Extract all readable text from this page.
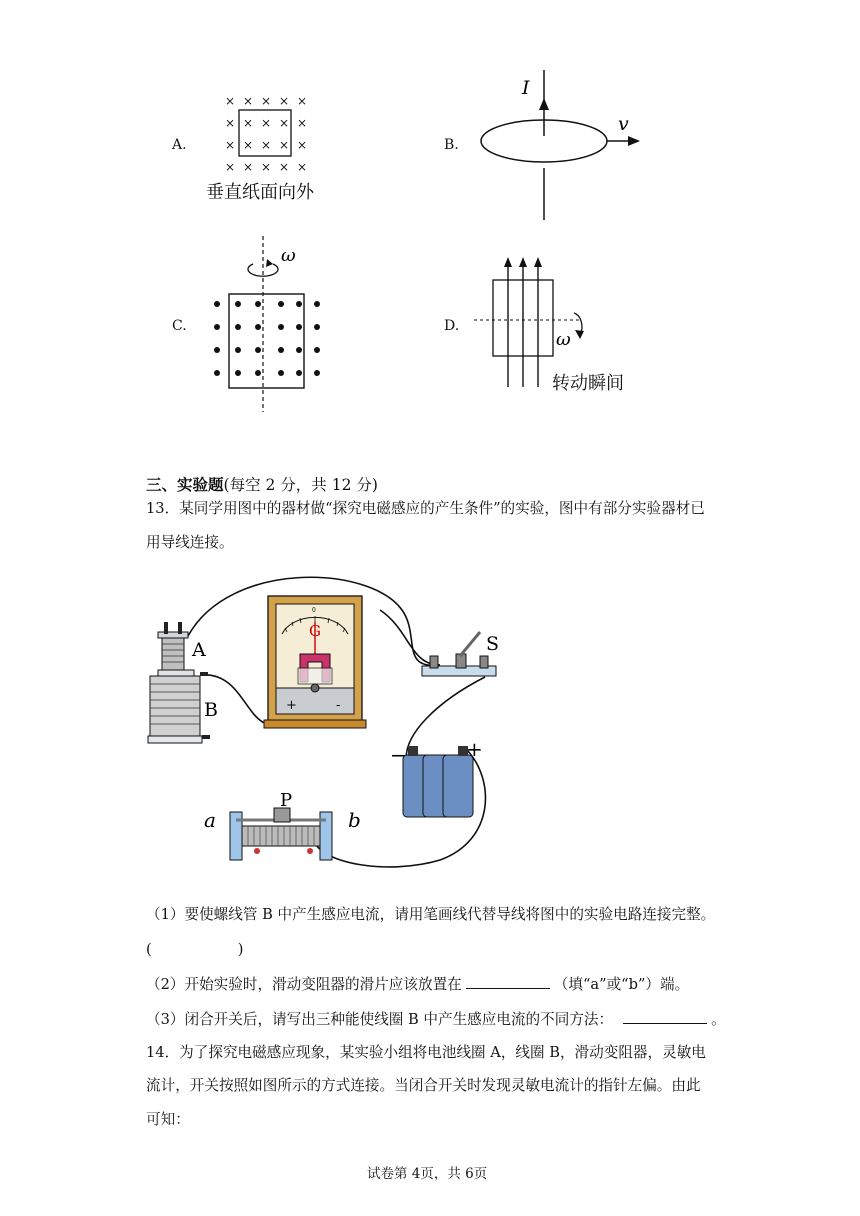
A.
× × × × ×
× × × × ×
× × × × ×
× × × × ×
垂直纸面向外
B.
I
v
C.
ω
D.
ω
转动瞬间
三、实验题(每空 2 分，共 12 分)
13．某同学用图中的器材做“探究电磁感应的产生条件”的实验，图中有部分实验器材已
用导线连接。
A
B
G
0
+	-
S
−	+
P
a	b
（1）要使螺线管 B 中产生感应电流，请用笔画线代替导线将图中的实验电路连接完整。
(	)
（2）开始实验时，滑动变阻器的滑片应该放置在	（填“a”或“b”）端。
（3）闭合开关后，请写出三种能使线圈 B 中产生感应电流的不同方法：	。
14．为了探究电磁感应现象，某实验小组将电池线圈 A，线圈 B，滑动变阻器，灵敏电
流计，开关按照如图所示的方式连接。当闭合开关时发现灵敏电流计的指针左偏。由此
可知：
试卷第 4页，共 6页
